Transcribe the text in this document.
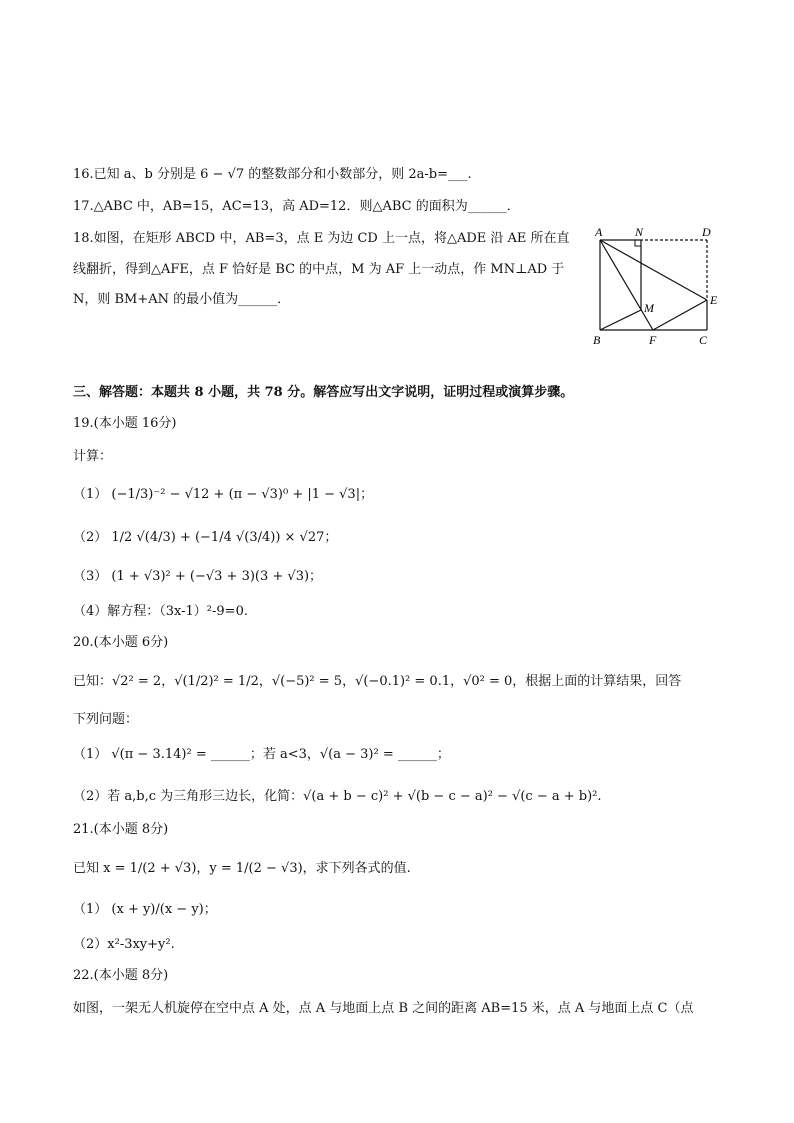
16.已知 a、b 分别是 6 − √7 的整数部分和小数部分，则 2a-b=___.
17.△ABC 中，AB=15，AC=13，高 AD=12．则△ABC 的面积为______．
18.如图，在矩形 ABCD 中，AB=3，点 E 为边 CD 上一点，将△ADE 沿 AE 所在直
线翻折，得到△AFE，点 F 恰好是 BC 的中点，M 为 AF 上一动点，作 MN⊥AD 于
N，则 BM+AN 的最小值为______．
A	N	D
E
M
B	F	C
三、解答题：本题共 8 小题，共 78 分。解答应写出文字说明，证明过程或演算步骤。
19.(本小题 16分)
计算：
（1） (−1/3)⁻² − √12 + (π − √3)⁰ + |1 − √3|；
（2） 1/2 √(4/3) + (−1/4 √(3/4)) × √27；
（3） (1 + √3)² + (−√3 + 3)(3 + √3)；
（4）解方程：（3x-1）²-9=0.
20.(本小题 6分)
已知：√2² = 2，√(1/2)² = 1/2，√(−5)² = 5，√(−0.1)² = 0.1，√0² = 0，根据上面的计算结果，回答
下列问题：
（1） √(π − 3.14)² = ______；若 a<3，√(a − 3)² = ______；
（2）若 a,b,c 为三角形三边长，化简：√(a + b − c)² + √(b − c − a)² − √(c − a + b)².
21.(本小题 8分)
已知 x = 1/(2 + √3)，y = 1/(2 − √3)，求下列各式的值.
（1） (x + y)/(x − y)；
（2）x²-3xy+y².
22.(本小题 8分)
如图，一架无人机旋停在空中点 A 处，点 A 与地面上点 B 之间的距离 AB=15 米，点 A 与地面上点 C（点
